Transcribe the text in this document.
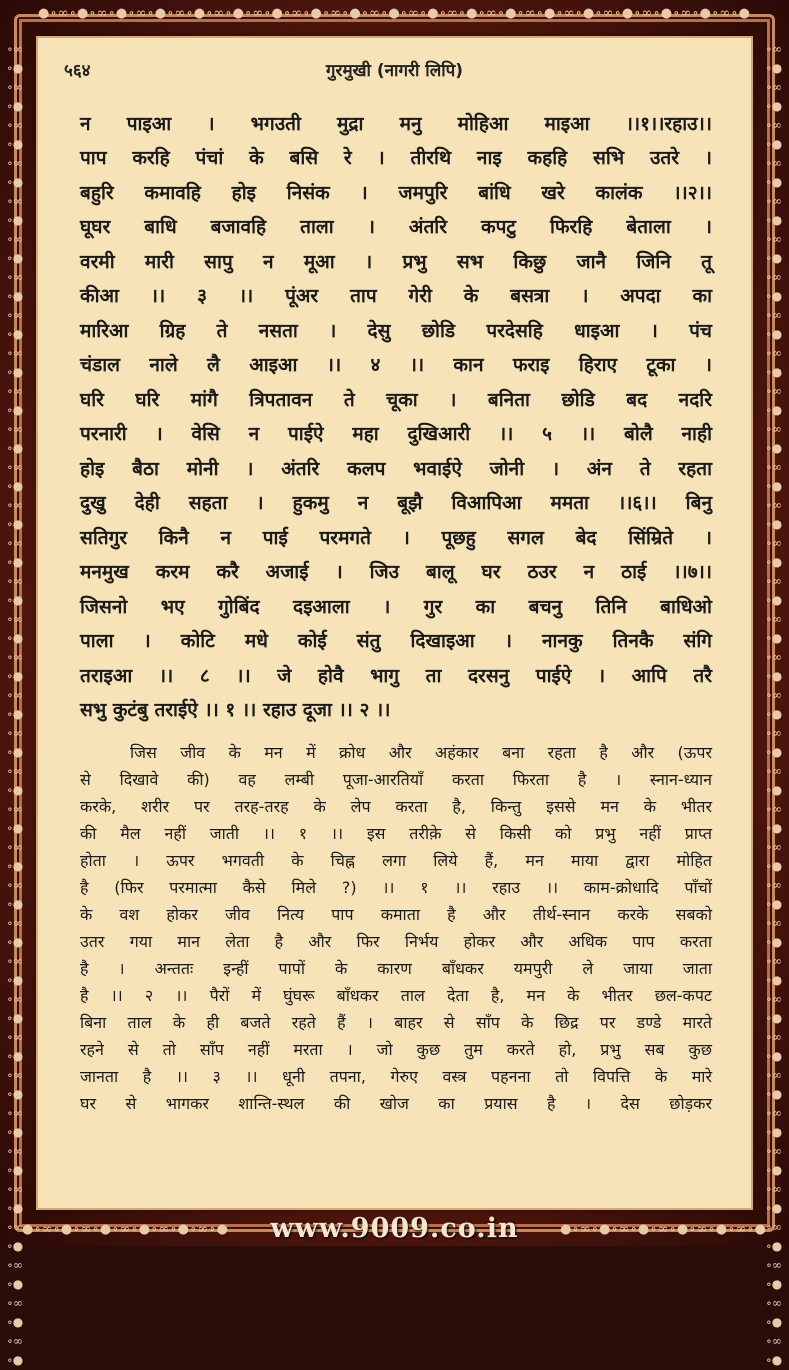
●∘∞∘●∘∞∘●∘∞∘●∘∞∘●∘∞∘●∘∞∘●∘∞∘●∘∞∘●∘∞∘●∘∞∘●∘∞∘●∘∞∘●∘∞∘●∘∞∘●∘∞∘●∘∞∘●∘∞∘●∘∞∘●
∘∞∘●∘∞∘●∘∞∘●∘∞∘●∘∞∘●∘∞∘●∘∞∘●∘∞∘●∘∞∘●∘∞∘●∘∞∘●∘∞∘●∘∞∘●∘∞∘●∘∞∘●∘∞∘●∘∞∘●∘∞∘●∘∞∘●∘∞∘●∘∞∘●∘∞∘●∘∞∘●∘∞∘●∘∞∘●∘∞∘●∘∞∘●∘∞∘●∘∞∘●∘∞∘●∘∞∘●∘∞∘●∘∞∘●∘∞∘●∘∞∘●
∘∞∘●∘∞∘●∘∞∘●∘∞∘●∘∞∘●∘∞∘●∘∞∘●∘∞∘●∘∞∘●∘∞∘●∘∞∘●∘∞∘●∘∞∘●∘∞∘●∘∞∘●∘∞∘●∘∞∘●∘∞∘●∘∞∘●∘∞∘●∘∞∘●∘∞∘●∘∞∘●∘∞∘●∘∞∘●∘∞∘●∘∞∘●∘∞∘●∘∞∘●∘∞∘●∘∞∘●∘∞∘●∘∞∘●∘∞∘●∘∞∘●
●∘∞∘●∘∞∘●∘∞∘●∘∞∘●∘∞∘●	●∘∞∘●∘∞∘●∘∞∘●∘∞∘●∘∞∘●
www.9009.co.in
५६४	गुरमुखी (नागरी लिपि)
न पाइआ । भगउती मुद्रा मनु मोहिआ माइआ ।।१।।रहाउ।।
पाप करहि पंचां के बसि रे । तीरथि नाइ कहहि सभि उतरे ।
बहुरि कमावहि होइ निसंक । जमपुरि बांधि खरे कालंक ।।२।।
घूघर बाधि बजावहि ताला । अंतरि कपटु फिरहि बेताला ।
वरमी मारी सापु न मूआ । प्रभु सभ किछु जानै जिनि तू
कीआ ।। ३ ।। पूंअर ताप गेरी के बसत्रा । अपदा का
मारिआ ग्रिह ते नसता । देसु छोडि परदेसहि धाइआ । पंच
चंडाल नाले लै आइआ ।। ४ ।। कान फराइ हिराए टूका ।
घरि घरि मांगै त्रिपतावन ते चूका । बनिता छोडि बद नदरि
परनारी । वेसि न पाईऐ महा दुखिआरी ।। ५ ।। बोलै नाही
होइ बैठा मोनी । अंतरि कलप भवाईऐ जोनी । अंन ते रहता
दुखु देही सहता । हुकमु न बूझै विआपिआ ममता ।।६।। बिनु
सतिगुर किनै न पाई परमगते । पूछहु सगल बेद सिंम्रिते ।
मनमुख करम करै अजाई । जिउ बालू घर ठउर न ठाई ।।७।।
जिसनो भए गुोबिंद दइआला । गुर का बचनु तिनि बाधिओ
पाला । कोटि मधे कोई संतु दिखाइआ । नानकु तिनकै संगि
तराइआ ।। ८ ।। जे होवै भागु ता दरसनु पाईऐ । आपि तरै
सभु कुटंबु तराईऐ ।। १ ।। रहाउ दूजा ।। २ ।।
जिस जीव के मन में क्रोध और अहंकार बना रहता है और (ऊपर
से दिखावे की) वह लम्बी पूजा-आरतियाँ करता फिरता है । स्नान-ध्यान
करके, शरीर पर तरह-तरह के लेप करता है, किन्तु इससे मन के भीतर
की मैल नहीं जाती ।। १ ।। इस तरीक़े से किसी को प्रभु नहीं प्राप्त
होता । ऊपर भगवती के चिह्न लगा लिये हैं, मन माया द्वारा मोहित
है (फिर परमात्मा कैसे मिले ?) ।। १ ।। रहाउ ।। काम-क्रोधादि पाँचों
के वश होकर जीव नित्य पाप कमाता है और तीर्थ-स्नान करके सबको
उतर गया मान लेता है और फिर निर्भय होकर और अधिक पाप करता
है । अन्ततः इन्हीं पापों के कारण बाँधकर यमपुरी ले जाया जाता
है ।। २ ।। पैरों में घुंघरू बाँधकर ताल देता है, मन के भीतर छल-कपट
बिना ताल के ही बजते रहते हैं । बाहर से साँप के छिद्र पर डण्डे मारते
रहने से तो साँप नहीं मरता । जो कुछ तुम करते हो, प्रभु सब कुछ
जानता है ।। ३ ।। धूनी तपना, गेरुए वस्त्र पहनना तो विपत्ति के मारे
घर से भागकर शान्ति-स्थल की खोज का प्रयास है । देस छोड़कर
